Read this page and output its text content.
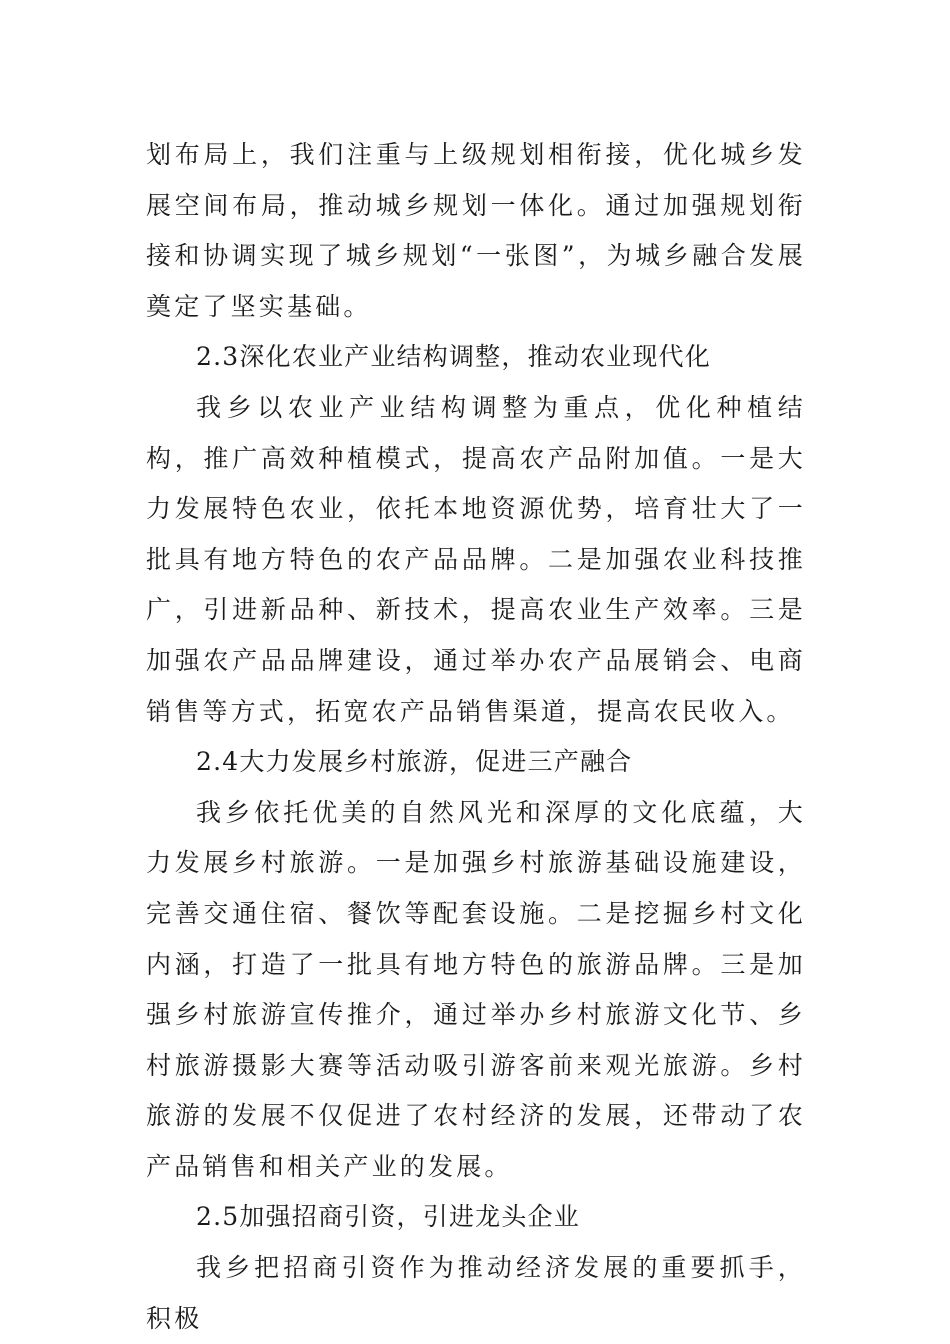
划布局上，我们注重与上级规划相衔接，优化城乡发展空间布局，推动城乡规划一体化。通过加强规划衔接和协调实现了城乡规划“一张图”，为城乡融合发展奠定了坚实基础。

2.3深化农业产业结构调整，推动农业现代化

我乡以农业产业结构调整为重点，优化种植结构，推广高效种植模式，提高农产品附加值。一是大力发展特色农业，依托本地资源优势，培育壮大了一批具有地方特色的农产品品牌。二是加强农业科技推广，引进新品种、新技术，提高农业生产效率。三是加强农产品品牌建设，通过举办农产品展销会、电商销售等方式，拓宽农产品销售渠道，提高农民收入。

2.4大力发展乡村旅游，促进三产融合

我乡依托优美的自然风光和深厚的文化底蕴，大力发展乡村旅游。一是加强乡村旅游基础设施建设，完善交通住宿、餐饮等配套设施。二是挖掘乡村文化内涵，打造了一批具有地方特色的旅游品牌。三是加强乡村旅游宣传推介，通过举办乡村旅游文化节、乡村旅游摄影大赛等活动吸引游客前来观光旅游。乡村旅游的发展不仅促进了农村经济的发展，还带动了农产品销售和相关产业的发展。

2.5加强招商引资，引进龙头企业

我乡把招商引资作为推动经济发展的重要抓手，积极
